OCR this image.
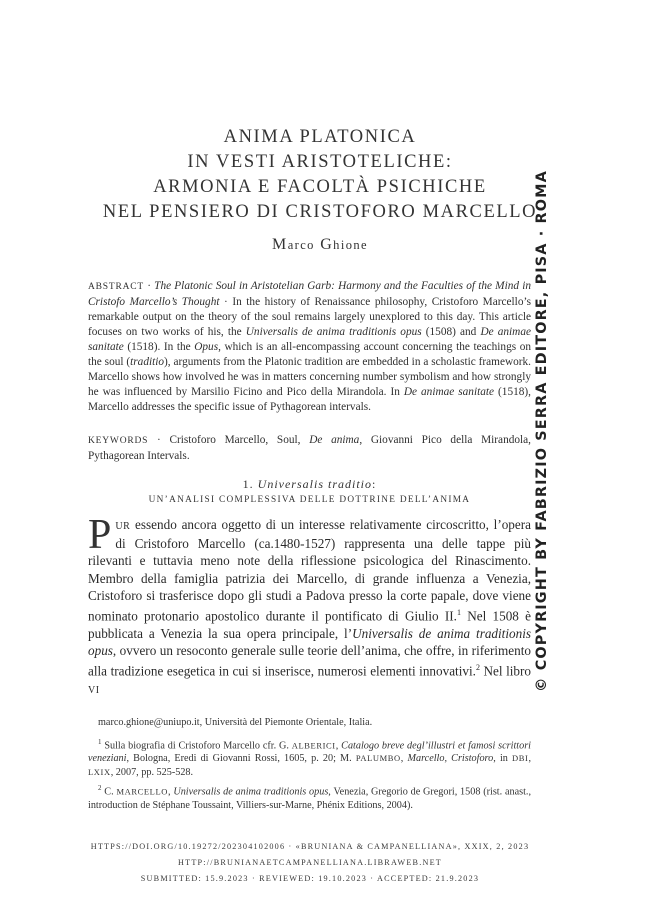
ANIMA PLATONICA
IN VESTI ARISTOTELICHE:
ARMONIA E FACOLTÀ PSICHICHE
NEL PENSIERO DI CRISTOFORO MARCELLO
Marco Ghione
ABSTRACT · The Platonic Soul in Aristotelian Garb: Harmony and the Faculties of the Mind in Cristofo Marcello’s Thought · In the history of Renaissance philosophy, Cristoforo Marcello’s remarkable output on the theory of the soul remains largely unexplored to this day. This article focuses on two works of his, the Universalis de anima traditionis opus (1508) and De animae sanitate (1518). In the Opus, which is an all-encompassing account concerning the teachings on the soul (traditio), arguments from the Platonic tradition are embedded in a scholastic framework. Marcello shows how involved he was in matters concerning number symbolism and how strongly he was influenced by Marsilio Ficino and Pico della Mirandola. In De animae sanitate (1518), Marcello addresses the specific issue of Pythagorean intervals.
KEYWORDS · Cristoforo Marcello, Soul, De anima, Giovanni Pico della Mirandola, Pythagorean Intervals.
1. Universalis traditio:
UN’ANALISI COMPLESSIVA DELLE DOTTRINE DELL’ANIMA
PUR essendo ancora oggetto di un interesse relativamente circoscritto, l’opera di Cristoforo Marcello (ca.1480-1527) rappresenta una delle tappe più rilevanti e tuttavia meno note della riflessione psicologica del Rinascimento. Membro della famiglia patrizia dei Marcello, di grande influenza a Venezia, Cristoforo si trasferisce dopo gli studi a Padova presso la corte papale, dove viene nominato protonario apostolico durante il pontificato di Giulio II.$^1$ Nel 1508 è pubblicata a Venezia la sua opera principale, l’Universalis de anima traditionis opus, ovvero un resoconto generale sulle teorie dell’anima, che offre, in riferimento alla tradizione esegetica in cui si inserisce, numerosi elementi innovativi.$^2$ Nel libro VI
marco.ghione@uniupo.it, Università del Piemonte Orientale, Italia.
$^1$ Sulla biografia di Cristoforo Marcello cfr. G. ALBERICI, Catalogo breve degl’illustri et famosi scrittori veneziani, Bologna, Eredi di Giovanni Rossi, 1605, p. 20; M. PALUMBO, Marcello, Cristoforo, in DBI, LXIX, 2007, pp. 525-528.
$^2$ C. MARCELLO, Universalis de anima traditionis opus, Venezia, Gregorio de Gregori, 1508 (rist. anast., introduction de Stéphane Toussaint, Villiers-sur-Marne, Phénix Editions, 2004).
HTTPS://DOI.ORG/10.19272/202304102006 · «BRUNIANA & CAMPANELLIANA», XXIX, 2, 2023
HTTP://BRUNIANAETCAMPANELLIANA.LIBRAWEB.NET
SUBMITTED: 15.9.2023 · REVIEWED: 19.10.2023 · ACCEPTED: 21.9.2023
© COPYRIGHT BY FABRIZIO SERRA EDITORE, PISA · ROMA
